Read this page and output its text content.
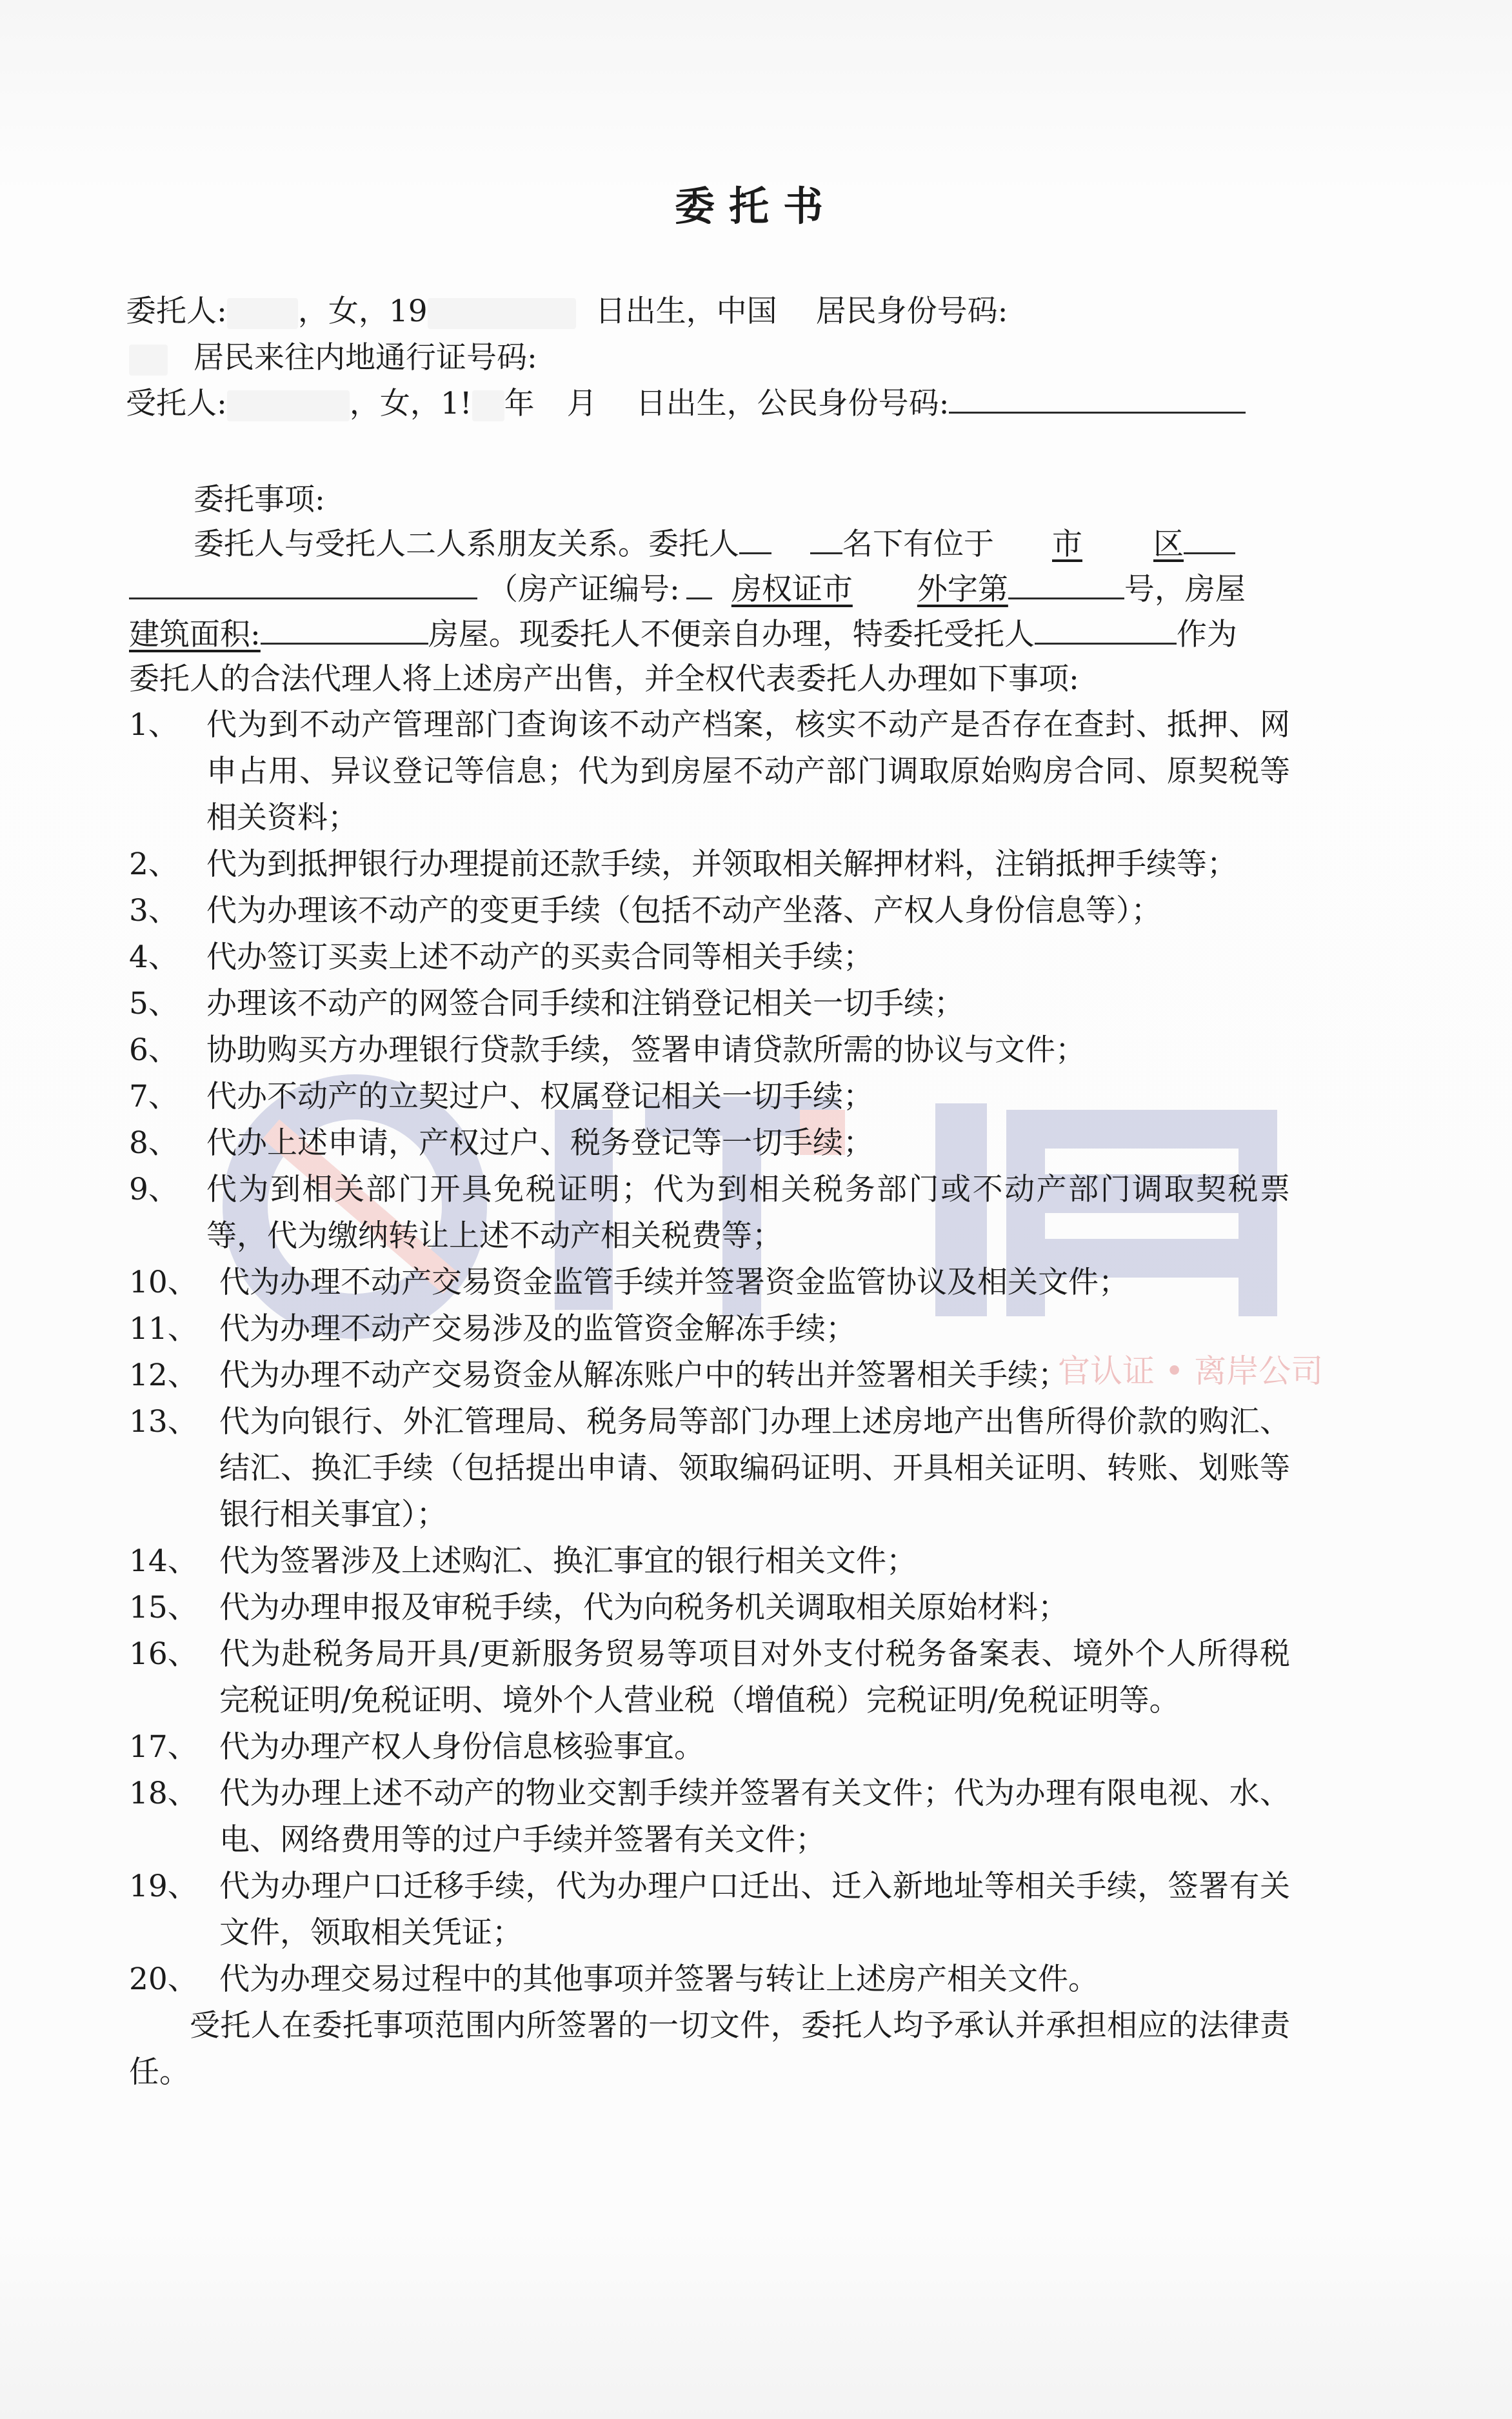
官认证 • 离岸公司
委托书
委托人: ，女，19	日出生，中国 居民身份号码:
居民来往内地通行证号码:
受托人:	，女，1! 年 月 日出生，公民身份号码:
委托事项:
委托人与受托人二人系朋友关系。委托人	名下有位于 市 区
（房产证编号: 房权证市 外字第	号，房屋
建筑面积:	房屋。现委托人不便亲自办理，特委托受托人	作为
委托人的合法代理人将上述房产出售，并全权代表委托人办理如下事项:
1、 代为到不动产管理部门查询该不动产档案，核实不动产是否存在查封、抵押、网申占用、异议登记等信息；代为到房屋不动产部门调取原始购房合同、原契税等相关资料；
2、 代为到抵押银行办理提前还款手续，并领取相关解押材料，注销抵押手续等；
3、 代为办理该不动产的变更手续（包括不动产坐落、产权人身份信息等）；
4、 代办签订买卖上述不动产的买卖合同等相关手续；
5、 办理该不动产的网签合同手续和注销登记相关一切手续；
6、 协助购买方办理银行贷款手续，签署申请贷款所需的协议与文件；
7、 代办不动产的立契过户、权属登记相关一切手续；
8、 代办上述申请，产权过户、税务登记等一切手续；
9、 代为到相关部门开具免税证明；代为到相关税务部门或不动产部门调取契税票等，代为缴纳转让上述不动产相关税费等；
10、 代为办理不动产交易资金监管手续并签署资金监管协议及相关文件；
11、 代为办理不动产交易涉及的监管资金解冻手续；
12、 代为办理不动产交易资金从解冻账户中的转出并签署相关手续；
13、 代为向银行、外汇管理局、税务局等部门办理上述房地产出售所得价款的购汇、结汇、换汇手续（包括提出申请、领取编码证明、开具相关证明、转账、划账等银行相关事宜）；
14、 代为签署涉及上述购汇、换汇事宜的银行相关文件；
15、 代为办理申报及审税手续，代为向税务机关调取相关原始材料；
16、 代为赴税务局开具/更新服务贸易等项目对外支付税务备案表、境外个人所得税完税证明/免税证明、境外个人营业税（增值税）完税证明/免税证明等。
17、 代为办理产权人身份信息核验事宜。
18、 代为办理上述不动产的物业交割手续并签署有关文件；代为办理有限电视、水、电、网络费用等的过户手续并签署有关文件；
19、 代为办理户口迁移手续，代为办理户口迁出、迁入新地址等相关手续，签署有关文件，领取相关凭证；
20、 代为办理交易过程中的其他事项并签署与转让上述房产相关文件。
受托人在委托事项范围内所签署的一切文件，委托人均予承认并承担相应的法律责任。
